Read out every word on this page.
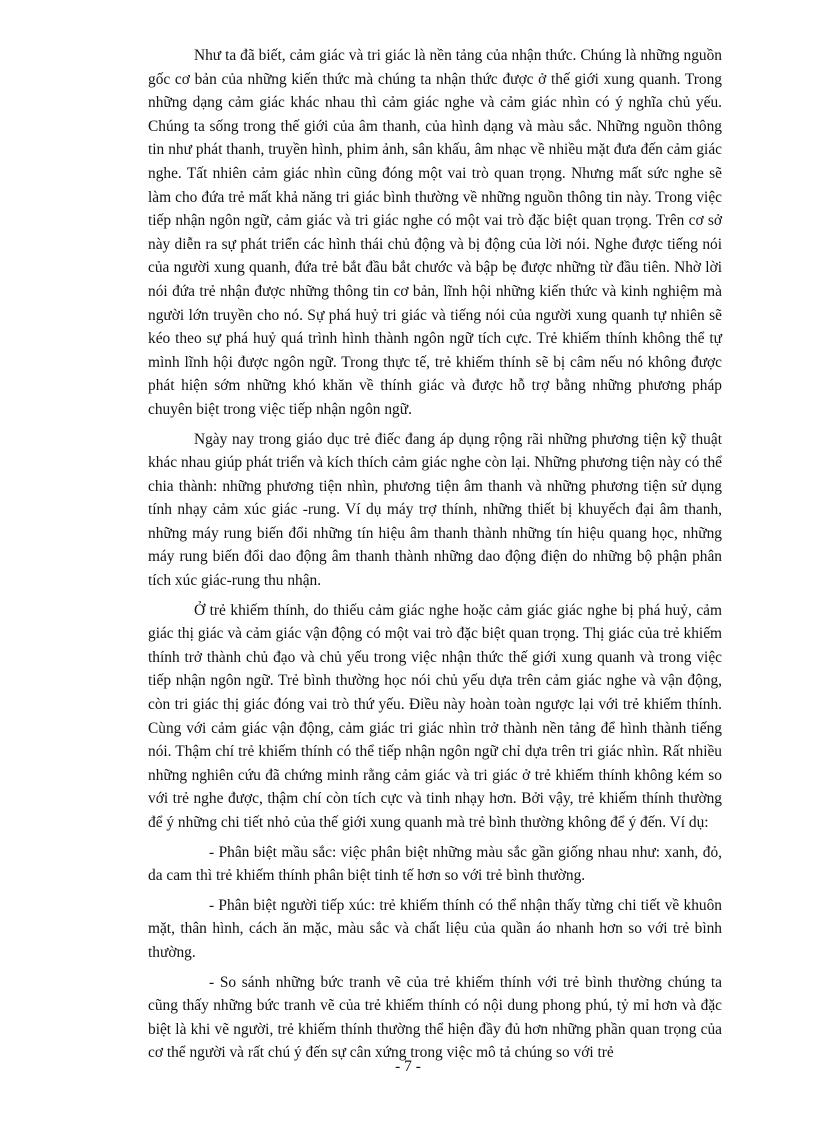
Như ta đã biết, cảm giác và tri giác là nền tảng của nhận thức. Chúng là những nguồn gốc cơ bản của những kiến thức mà chúng ta nhận thức được ở thế giới xung quanh. Trong những dạng cảm giác khác nhau thì cảm giác nghe và cảm giác nhìn có ý nghĩa chủ yếu. Chúng ta sống trong thế giới của âm thanh, của hình dạng và màu sắc. Những nguồn thông tin như phát thanh, truyền hình, phim ảnh, sân khấu, âm nhạc về nhiều mặt đưa đến cảm giác nghe. Tất nhiên cảm giác nhìn cũng đóng một vai trò quan trọng. Nhưng mất sức nghe sẽ làm cho đứa trẻ mất khả năng tri giác bình thường về những nguồn thông tin này. Trong việc tiếp nhận ngôn ngữ, cảm giác và tri giác nghe có một vai trò đặc biệt quan trọng. Trên cơ sở này diễn ra sự phát triển các hình thái chủ động và bị động của lời nói. Nghe được tiếng nói của người xung quanh, đứa trẻ bắt đầu bắt chước và bập bẹ được những từ đầu tiên. Nhờ lời nói đứa trẻ nhận được những thông tin cơ bản, lĩnh hội những kiến thức và kinh nghiệm mà người lớn truyền cho nó. Sự phá huỷ tri giác và tiếng nói của người xung quanh tự nhiên sẽ kéo theo sự phá huỷ quá trình hình thành ngôn ngữ tích cực. Trẻ khiếm thính không thể tự mình lĩnh hội được ngôn ngữ. Trong thực tế, trẻ khiếm thính sẽ bị câm nếu nó không được phát hiện sớm những khó khăn về thính giác và được hỗ trợ bằng những phương pháp chuyên biệt trong việc tiếp nhận ngôn ngữ.

Ngày nay trong giáo dục trẻ điếc đang áp dụng rộng rãi những phương tiện kỹ thuật khác nhau giúp phát triển và kích thích cảm giác nghe còn lại. Những phương tiện này có thể chia thành: những phương tiện nhìn, phương tiện âm thanh và những phương tiện sử dụng tính nhạy cảm xúc giác -rung. Ví dụ máy trợ thính, những thiết bị khuyếch đại âm thanh, những máy rung biến đổi những tín hiệu âm thanh thành những tín hiệu quang học, những máy rung biến đổi dao động âm thanh thành những dao động điện do những bộ phận phân tích xúc giác-rung thu nhận.

Ở trẻ khiếm thính, do thiếu cảm giác nghe hoặc cảm giác giác nghe bị phá huỷ, cảm giác thị giác và cảm giác vận động có một vai trò đặc biệt quan trọng. Thị giác của trẻ khiếm thính trở thành chủ đạo và chủ yếu trong việc nhận thức thế giới xung quanh và trong việc tiếp nhận ngôn ngữ. Trẻ bình thường học nói chủ yếu dựa trên cảm giác nghe và vận động, còn tri giác thị giác đóng vai trò thứ yếu. Điều này hoàn toàn ngược lại với trẻ khiếm thính. Cùng với cảm giác vận động, cảm giác tri giác nhìn trở thành nền tảng để hình thành tiếng nói. Thậm chí trẻ khiếm thính có thể tiếp nhận ngôn ngữ chỉ dựa trên tri giác nhìn. Rất nhiều những nghiên cứu đã chứng minh rằng cảm giác và tri giác ở trẻ khiếm thính không kém so với trẻ nghe được, thậm chí còn tích cực và tinh nhạy hơn. Bởi vậy, trẻ khiếm thính thường để ý những chi tiết nhỏ của thế giới xung quanh mà trẻ bình thường không để ý đến. Ví dụ:

- Phân biệt mầu sắc: việc phân biệt những màu sắc gần giống nhau như: xanh, đỏ, da cam thì trẻ khiếm thính phân biệt tinh tế hơn so với trẻ bình thường.

- Phân biệt người tiếp xúc: trẻ khiếm thính có thể nhận thấy từng chi tiết về khuôn mặt, thân hình, cách ăn mặc, màu sắc và chất liệu của quần áo nhanh hơn so với trẻ bình thường.

- So sánh những bức tranh vẽ của trẻ khiếm thính với trẻ bình thường chúng ta cũng thấy những bức tranh vẽ của trẻ khiếm thính có nội dung phong phú, tỷ mỉ hơn và đặc biệt là khi vẽ người, trẻ khiếm thính thường thể hiện đầy đủ hơn những phần quan trọng của cơ thể người và rất chú ý đến sự cân xứng trong việc mô tả chúng so với trẻ

- 7 -
